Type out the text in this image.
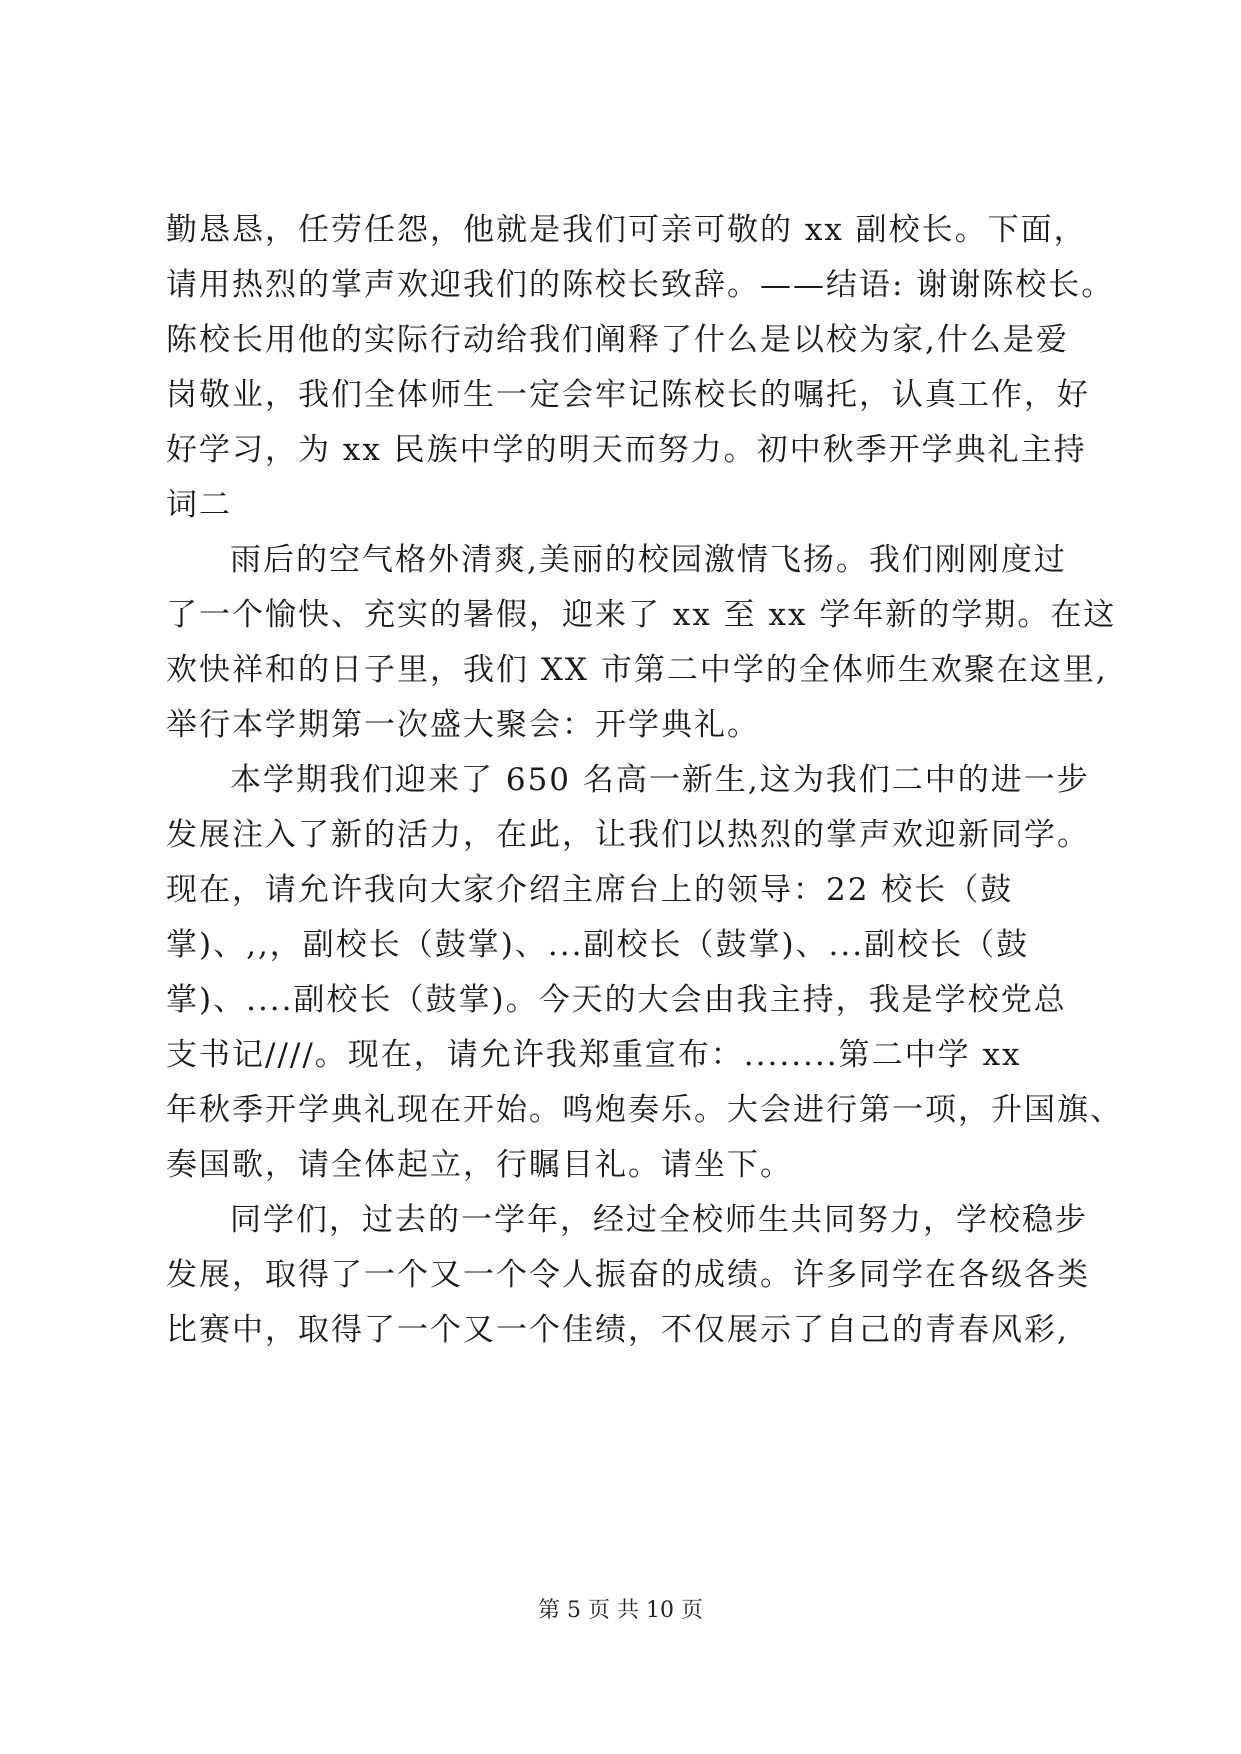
勤恳恳，任劳任怨，他就是我们可亲可敬的 xx 副校长。下面，
请用热烈的掌声欢迎我们的陈校长致辞。——结语: 谢谢陈校长。
陈校长用他的实际行动给我们阐释了什么是以校为家,什么是爱
岗敬业，我们全体师生一定会牢记陈校长的嘱托，认真工作，好
好学习，为 xx 民族中学的明天而努力。初中秋季开学典礼主持
词二
雨后的空气格外清爽,美丽的校园激情飞扬。我们刚刚度过
了一个愉快、充实的暑假，迎来了 xx 至 xx 学年新的学期。在这
欢快祥和的日子里，我们 XX 市第二中学的全体师生欢聚在这里,
举行本学期第一次盛大聚会：开学典礼。
本学期我们迎来了 650 名高一新生,这为我们二中的进一步
发展注入了新的活力，在此，让我们以热烈的掌声欢迎新同学。
现在，请允许我向大家介绍主席台上的领导：22 校长（鼓
掌)、,,，副校长（鼓掌)、...副校长（鼓掌)、...副校长（鼓
掌)、....副校长（鼓掌)。今天的大会由我主持，我是学校党总
支书记////。现在，请允许我郑重宣布：........第二中学 xx
年秋季开学典礼现在开始。鸣炮奏乐。大会进行第一项，升国旗、
奏国歌，请全体起立，行瞩目礼。请坐下。
同学们，过去的一学年，经过全校师生共同努力，学校稳步
发展，取得了一个又一个令人振奋的成绩。许多同学在各级各类
比赛中，取得了一个又一个佳绩，不仅展示了自己的青春风彩,
第 5 页 共 10 页
